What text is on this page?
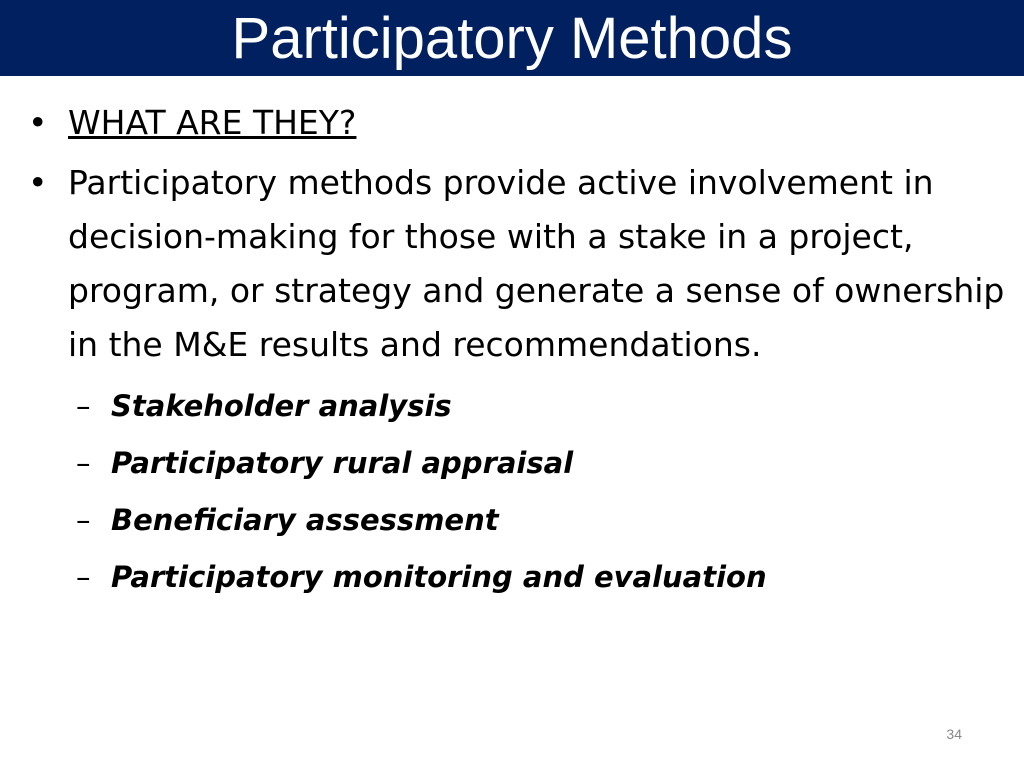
Participatory Methods
• WHAT ARE THEY?
• Participatory methods provide active involvement in decision-making for those with a stake in a project, program, or strategy and generate a sense of ownership in the M&E results and recommendations.
– Stakeholder analysis
– Participatory rural appraisal
– Beneficiary assessment
– Participatory monitoring and evaluation
34
